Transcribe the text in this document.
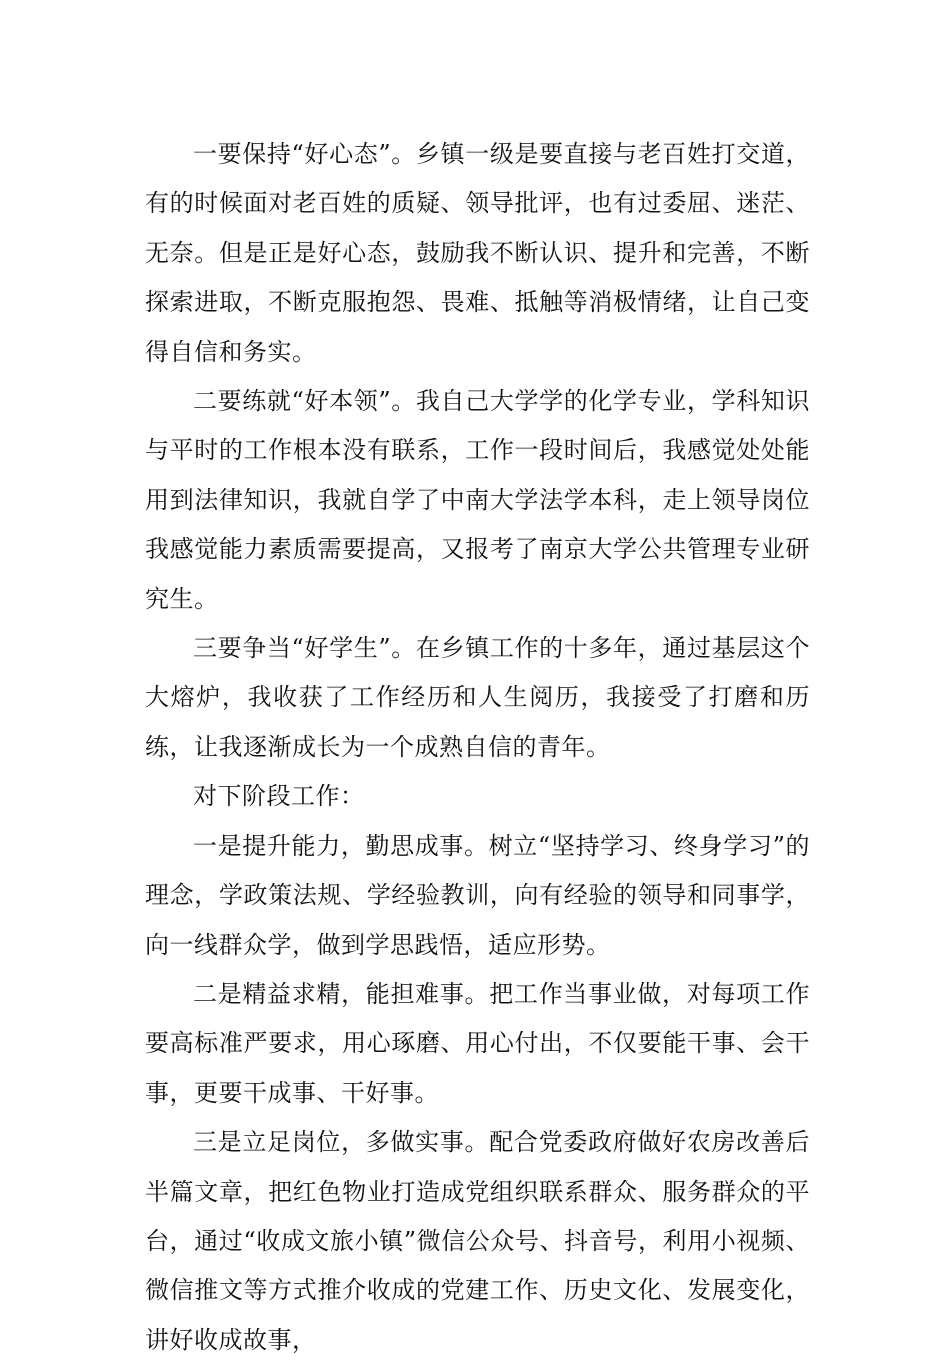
一要保持“好心态”。乡镇一级是要直接与老百姓打交道，有的时候面对老百姓的质疑、领导批评，也有过委屈、迷茫、无奈。但是正是好心态，鼓励我不断认识、提升和完善，不断探索进取，不断克服抱怨、畏难、抵触等消极情绪，让自己变得自信和务实。

二要练就“好本领”。我自己大学学的化学专业，学科知识与平时的工作根本没有联系，工作一段时间后，我感觉处处能用到法律知识，我就自学了中南大学法学本科，走上领导岗位我感觉能力素质需要提高，又报考了南京大学公共管理专业研究生。

三要争当“好学生”。在乡镇工作的十多年，通过基层这个大熔炉，我收获了工作经历和人生阅历，我接受了打磨和历练，让我逐渐成长为一个成熟自信的青年。

对下阶段工作：

一是提升能力，勤思成事。树立“坚持学习、终身学习”的理念，学政策法规、学经验教训，向有经验的领导和同事学，向一线群众学，做到学思践悟，适应形势。

二是精益求精，能担难事。把工作当事业做，对每项工作要高标准严要求，用心琢磨、用心付出，不仅要能干事、会干事，更要干成事、干好事。

三是立足岗位，多做实事。配合党委政府做好农房改善后半篇文章，把红色物业打造成党组织联系群众、服务群众的平台，通过“收成文旅小镇”微信公众号、抖音号，利用小视频、微信推文等方式推介收成的党建工作、历史文化、发展变化，讲好收成故事，
